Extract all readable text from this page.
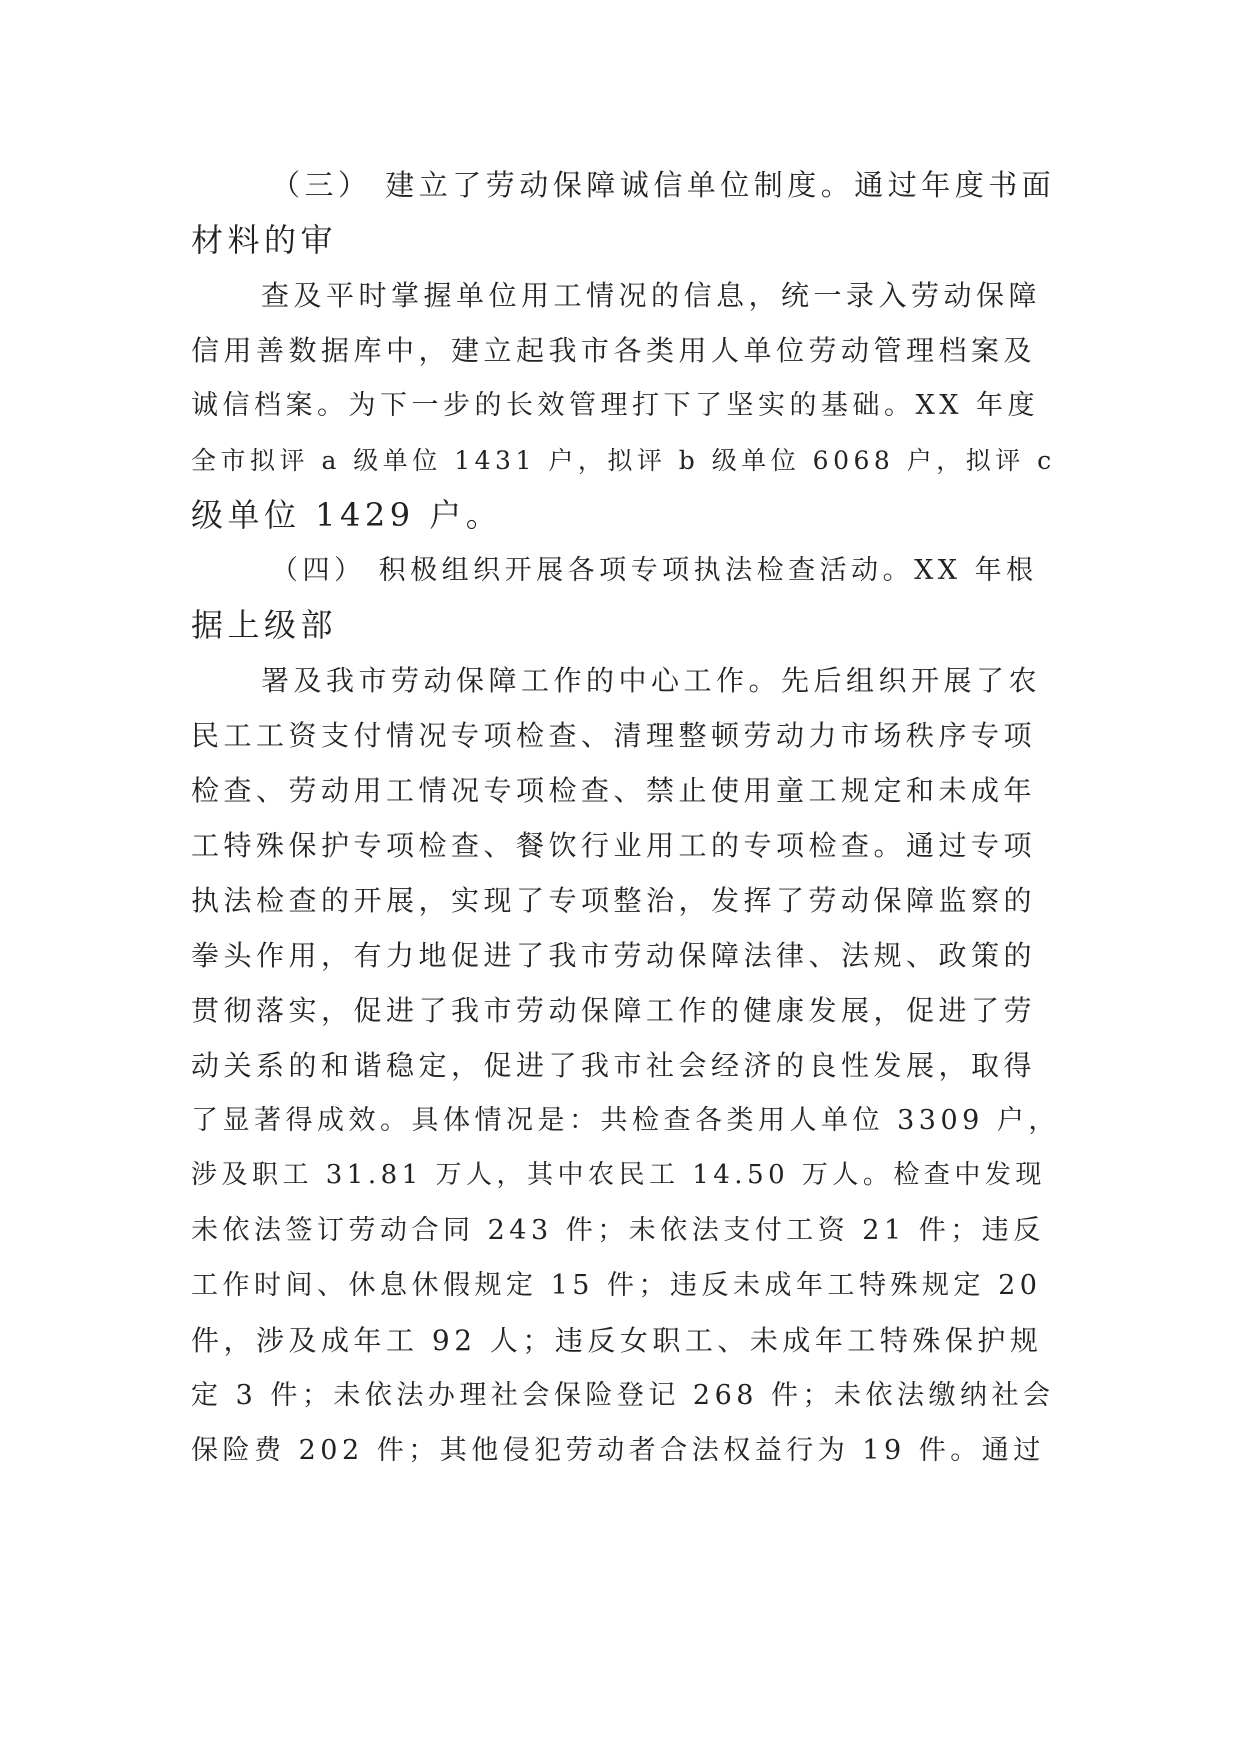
（三） 建立了劳动保障诚信单位制度。通过年度书面
材料的审
查及平时掌握单位用工情况的信息，统一录入劳动保障
信用善数据库中，建立起我市各类用人单位劳动管理档案及
诚信档案。为下一步的长效管理打下了坚实的基础。XX 年度
全市拟评 a 级单位 1431 户，拟评 b 级单位 6068 户，拟评 c
级单位 1429 户。
（四） 积极组织开展各项专项执法检查活动。XX 年根
据上级部
署及我市劳动保障工作的中心工作。先后组织开展了农
民工工资支付情况专项检查、清理整顿劳动力市场秩序专项
检查、劳动用工情况专项检查、禁止使用童工规定和未成年
工特殊保护专项检查、餐饮行业用工的专项检查。通过专项
执法检查的开展，实现了专项整治，发挥了劳动保障监察的
拳头作用，有力地促进了我市劳动保障法律、法规、政策的
贯彻落实，促进了我市劳动保障工作的健康发展，促进了劳
动关系的和谐稳定，促进了我市社会经济的良性发展，取得
了显著得成效。具体情况是：共检查各类用人单位 3309 户，
涉及职工 31.81 万人，其中农民工 14.50 万人。检查中发现
未依法签订劳动合同 243 件；未依法支付工资 21 件；违反
工作时间、休息休假规定 15 件；违反未成年工特殊规定 20
件，涉及成年工 92 人；违反女职工、未成年工特殊保护规
定 3 件；未依法办理社会保险登记 268 件；未依法缴纳社会
保险费 202 件；其他侵犯劳动者合法权益行为 19 件。通过
